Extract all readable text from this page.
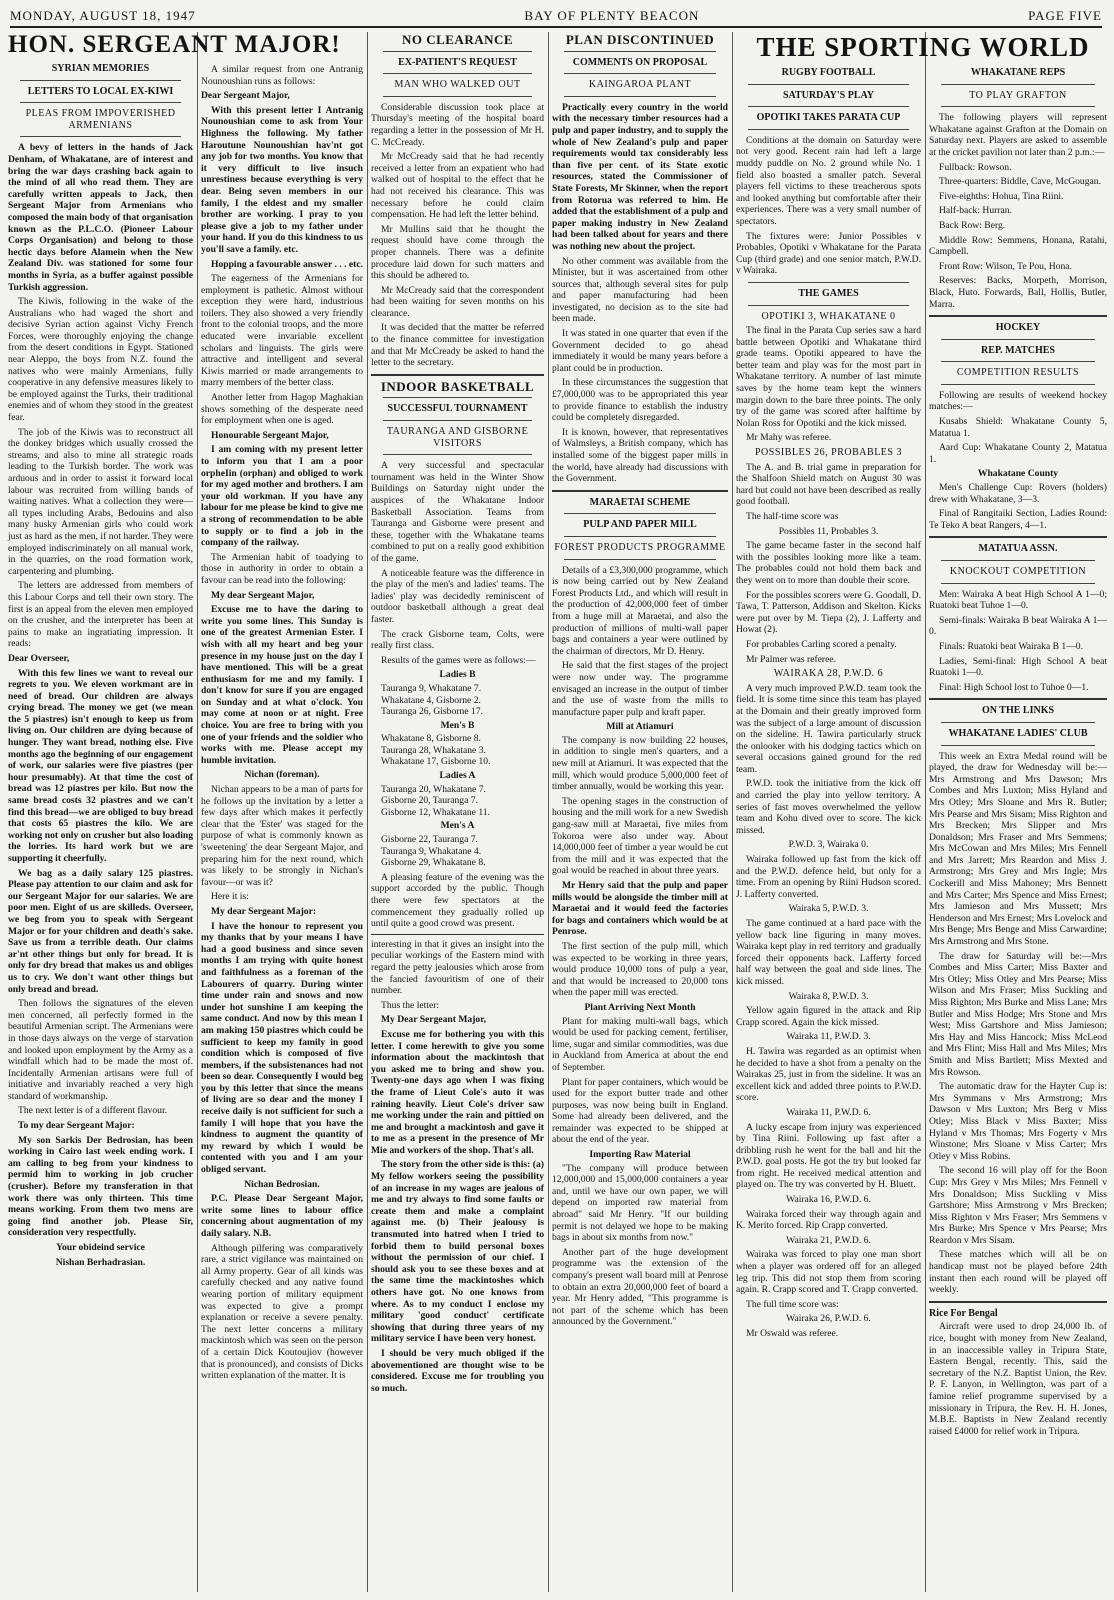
MONDAY, AUGUST 18, 1947	BAY OF PLENTY BEACON	PAGE FIVE
HON. SERGEANT MAJOR!
SYRIAN MEMORIES
LETTERS TO LOCAL EX-KIWI
PLEAS FROM IMPOVERISHED ARMENIANS

A bevy of letters in the hands of Jack Denham, of Whakatane, are of interest and bring the war days crashing back again to the mind of all who read them. They are carefully written appeals to Jack, then Sergeant Major from Armenians who composed the main body of that organisation known as the P.L.C.O. (Pioneer Labour Corps Organisation) and belong to those hectic days before Alamein when the New Zealand Div. was stationed for some four months in Syria, as a buffer against possible Turkish aggression.

The Kiwis, following in the wake of the Australians who had waged the short and decisive Syrian action against Vichy French Forces, were thoroughly enjoying the change from the desert conditions in Egypt. Stationed near Aleppo, the boys from N.Z. found the natives who were mainly Armenians, fully cooperative in any defensive measures likely to be employed against the Turks, their traditional enemies and of whom they stood in the greatest fear.

The job of the Kiwis was to reconstruct all the donkey bridges which usually crossed the streams, and also to mine all strategic roads leading to the Turkish border. The work was arduous and in order to assist it forward local labour was recruited from willing bands of waiting natives. What a collection they were—all types including Arabs, Bedouins and also many husky Armenian girls who could work just as hard as the men, if not harder. They were employed indiscriminately on all manual work, in the quarries, on the road formation work, carpentering and plumbing.

The letters are addressed from members of this Labour Corps and tell their own story. The first is an appeal from the eleven men employed on the crusher, and the interpreter has been at pains to make an ingratiating impression. It reads:

Dear Overseer,

With this few lines we want to reveal our regrets to you. We eleven workmant are in need of bread. Our children are always crying bread. The money we get (we mean the 5 piastres) isn't enough to keep us from living on. Our children are dying because of hunger. They want bread, nothing else. Five months ago the beginning of our engagement of work, our salaries were five piastres (per hour presumably). At that time the cost of bread was 12 piastres per kilo. But now the same bread costs 32 piastres and we can't find this bread—we are obliged to buy bread that costs 65 piastres the kilo. We are working not only on crusher but also loading the lorries. Its hard work but we are supporting it cheerfully.

We bag as a daily salary 125 piastres. Please pay attention to our claim and ask for our Sergeant Major for our salaries. We are poor men. Eight of us are skilleds. Overseer, we beg from you to speak with Sergeant Major or for your children and death's sake. Save us from a terrible death. Our claims ar'nt other things but only for bread. It is only for dry bread that makes us and obliges us to cry. We don't want other things but only bread and bread.

Then follows the signatures of the eleven men concerned, all perfectly formed in the beautiful Armenian script. The Armenians were in those days always on the verge of starvation and looked upon employment by the Army as a windfall which had to be made the most of. Incidentally Armenian artisans were full of initiative and invariably reached a very high standard of workmanship.

The next letter is of a different flavour.

To my dear Sergeant Major:

My son Sarkis Der Bedrosian, has been working in Cairo last week ending work. I am calling to beg from your kindness to permid him to working in job crucher (crusher). Before my transferation in that work there was only thirteen. This time means working. From them two mens are going find another job. Please Sir, consideration very respectfully.

Your obideind service

Nishan Berhadrasian.

A similar request from one Antranig Nounoushian runs as follows:

Dear Sergeant Major,

With this present letter I Antranig Nounoushian come to ask from Your Highness the following. My father Haroutune Nounoushian hav'nt got any job for two months. You know that it very difficult to live insuch unrestiness because everything is very dear. Being seven members in our family, I the eldest and my smaller brother are working. I pray to you please give a job to my father under your hand. If you do this kindness to us you'll save a family. etc.

Hopping a favourable answer . . . etc.

The eagerness of the Armenians for employment is pathetic. Almost without exception they were hard, industrious toilers. They also showed a very friendly front to the colonial troops, and the more educated were invariable excellent scholars and linguists. The girls were attractive and intelligent and several Kiwis married or made arrangements to marry members of the better class.

Another letter from Hagop Maghakian shows something of the desperate need for employment when one is aged.

Honourable Sergeant Major,

I am coming with my present letter to inform you that I am a poor orpheIin (orphan) and obliged to work for my aged mother and brothers. I am your old workman. If you have any labour for me please be kind to give me a strong of recommendation to be able to supply or to find a job in the company of the railway.

The Armenian habit of toadying to those in authority in order to obtain a favour can be read into the following:

My dear Sergeant Major,

Excuse me to have the daring to write you some lines. This Sunday is one of the greatest Armenian Ester. I wish with all my heart and beg your presence in my house just on the day I have mentioned. This will be a great enthusiasm for me and my family. I don't know for sure if you are engaged on Sunday and at what o'clock. You may come at noon or at night. Free choice. You are free to bring with you one of your friends and the soldier who works with me. Please accept my humble invitation.

Nichan (foreman).

Nichan appears to be a man of parts for he follows up the invitation by a letter a few days after which makes it perfectly clear that the 'Ester' was staged for the purpose of what is commonly known as 'sweetening' the dear Sergeant Major, and preparing him for the next round, which was likely to be strongly in Nichan's favour—or was it?

Here it is:

My dear Sergeant Major:

I have the honour to represent you my thanks that by your means I have had a good business and since seven months I am trying with quite honest and faithfulness as a foreman of the Labourers of quarry. During winter time under rain and snows and now under hot sunshine I am keeping the same conduct. And now by this mean I am making 150 piastres which could be sufficient to keep my family in good condition which is composed of five members, if the subsistenances had not been so dear. Consequently I would beg you by this letter that since the means of living are so dear and the money I receive daily is not sufficient for such a family I will hope that you have the kindness to augment the quantity of my reward by which I would be contented with you and I am your obliged servant.

Nichan Bedrosian.

P.C. Please Dear Sergeant Major, write some lines to labour office concerning about augmentation of my daily salary. N.B.

Although pilfering was comparatively rare, a strict vigilance was maintained on all Army property. Gear of all kinds was carefully checked and any native found wearing portion of military equipment was expected to give a prompt explanation or receive a severe penalty. The next letter concerns a military mackintosh which was seen on the person of a certain Dick Koutoujiov (however that is pronounced), and consists of Dicks written explanation of the matter. It is

NO CLEARANCE
EX-PATIENT'S REQUEST
MAN WHO WALKED OUT

Considerable discussion took place at Thursday's meeting of the hospital board regarding a letter in the possession of Mr H. C. McCready.

Mr McCready said that he had recently received a letter from an expatient who had walked out of hospital to the effect that he had not received his clearance. This was necessary before he could claim compensation. He had left the letter behind.

Mr Mullins said that he thought the request should have come through the proper channels. There was a definite procedure laid down for such matters and this should be adhered to.

Mr McCready said that the correspondent had been waiting for seven months on his clearance.

It was decided that the matter be referred to the finance committee for investigation and that Mr McCready be asked to hand the letter to the secretary.

INDOOR BASKETBALL
SUCCESSFUL TOURNAMENT
TAURANGA AND GISBORNE VISITORS

A very successful and spectacular tournament was held in the Winter Show Buildings on Saturday night under the auspices of the Whakatane Indoor Basketball Association. Teams from Tauranga and Gisborne were present and these, together with the Whakatane teams combined to put on a really good exhibition of the game.

A noticeable feature was the difference in the play of the men's and ladies' teams. The ladies' play was decidedly reminiscent of outdoor basketball although a great deal faster.

The crack Gisborne team, Colts, were really first class.

Results of the games were as follows:—

Ladies B

Tauranga 9, Whakatane 7.

Whakatane 4, Gisborne 2.

Tauranga 26, Gisborne 17.

Men's B

Whakatane 8, Gisborne 8.

Tauranga 28, Whakatane 3.

Whakatane 17, Gisborne 10.

Ladies A

Tauranga 20, Whakatane 7.

Gisborne 20, Tauranga 7.

Gisborne 12, Whakatane 11.

Men's A

Gisborne 22, Tauranga 7.

Tauranga 9, Whakatane 4.

Gisborne 29, Whakatane 8.

A pleasing feature of the evening was the support accorded by the public. Though there were few spectators at the commencement they gradually rolled up until quite a good crowd was present.

interesting in that it gives an insight into the peculiar workings of the Eastern mind with regard the petty jealousies which arose from the fancied favouritism of one of their number.

Thus the letter:

My Dear Sergeant Major,

Excuse me for bothering you with this letter. I come herewith to give you some information about the mackintosh that you asked me to bring and show you. Twenty-one days ago when I was fixing the frame of Lieut Cole's auto it was raining heavily. Lieut Cole's driver saw me working under the rain and pittied on me and brought a mackintosh and gave it to me as a present in the presence of Mr Mie and workers of the shop. That's all.

The story from the other side is this: (a) My fellow workers seeing the possibility of an increase in my wages are jealous of me and try always to find some faults or create them and make a complaint against me. (b) Their jealousy is transmuted into hatred when I tried to forbid them to build personal boxes without the permission of our chief. I should ask you to see these boxes and at the same time the mackintoshes which others have got. No one knows from where. As to my conduct I enclose my military 'good conduct' certificate showing that during three years of my military service I have been very honest.

I should be very much obliged if the abovementioned are thought wise to be considered. Excuse me for troubling you so much.

PLAN DISCONTINUED
COMMENTS ON PROPOSAL
KAINGAROA PLANT

Practically every country in the world with the necessary timber resources had a pulp and paper industry, and to supply the whole of New Zealand's pulp and paper requirements would tax considerably less than five per cent. of its State exotic resources, stated the Commissioner of State Forests, Mr Skinner, when the report from Rotorua was referred to him. He added that the establishment of a pulp and paper making industry in New Zealand had been talked about for years and there was nothing new about the project.

No other comment was available from the Minister, but it was ascertained from other sources that, although several sites for pulp and paper manufacturing had been investigated, no decision as to the site had been made.

It was stated in one quarter that even if the Government decided to go ahead immediately it would be many years before a plant could be in production.

In these circumstances the suggestion that £7,000,000 was to be appropriated this year to provide finance to establish the industry could be completely disregarded.

It is known, however, that representatives of Walmsleys, a British company, which has installed some of the biggest paper mills in the world, have already had discussions with the Government.

MARAETAI SCHEME
PULP AND PAPER MILL
FOREST PRODUCTS PROGRAMME

Details of a £3,300,000 programme, which is now being carried out by New Zealand Forest Products Ltd., and which will result in the production of 42,000,000 feet of timber from a huge mill at Maraetai, and also the production of millions of multi-wall paper bags and containers a year were outlined by the chairman of directors, Mr D. Henry.

He said that the first stages of the project were now under way. The programme envisaged an increase in the output of timber and the use of waste from the mills to manufacture paper pulp and kraft paper.

Mill at Atiamuri

The company is now building 22 houses, in addition to single men's quarters, and a new mill at Atiamuri. It was expected that the mill, which would produce 5,000,000 feet of timber annually, would be working this year.

The opening stages in the construction of housing and the mill work for a new Swedish gang-saw mill at Maraetai, five miles from Tokoroa were also under way. About 14,000,000 feet of timber a year would be cut from the mill and it was expected that the goal would be reached in about three years.

Mr Henry said that the pulp and paper mills would be alongside the timber mill at Maraetai and it would feed the factories for bags and containers which would be at Penrose.

The first section of the pulp mill, which was expected to be working in three years, would produce 10,000 tons of pulp a year, and that would be increased to 20,000 tons when the paper mill was erected.

Plant Arriving Next Month

Plant for making multi-wall bags, which would be used for packing cement, fertiliser, lime, sugar and similar commodities, was due in Auckland from America at about the end of September.

Plant for paper containers, which would be used for the export butter trade and other purposes, was now being built in England. Some had already been delivered, and the remainder was expected to be shipped at about the end of the year.

Importing Raw Material

"The company will produce between 12,000,000 and 15,000,000 containers a year and, until we have our own paper, we will depend on imported raw material from abroad" said Mr Henry. "If our building permit is not delayed we hope to be making bags in about six months from now."

Another part of the huge development programme was the extension of the company's present wall board mill at Penrose to obtain an extra 20,000,000 feet of board a year. Mr Henry added, "This programme is not part of the scheme which has been announced by the Government."

THE SPORTING WORLD
RUGBY FOOTBALL
SATURDAY'S PLAY
OPOTIKI TAKES PARATA CUP

Conditions at the domain on Saturday were not very good. Recent rain had left a large muddy puddle on No. 2 ground while No. 1 field also boasted a smaller patch. Several players fell victims to these treacherous spots and looked anything but comfortable after their experiences. There was a very small number of spectators.

The fixtures were: Junior Possibles v Probables, Opotiki v Whakatane for the Parata Cup (third grade) and one senior match, P.W.D. v Wairaka.

THE GAMES
OPOTIKI 3, WHAKATANE 0

The final in the Parata Cup series saw a hard battle between Opotiki and Whakatane third grade teams. Opotiki appeared to have the better team and play was for the most part in Whakatane territory. A number of last minute saves by the home team kept the winners margin down to the bare three points. The only try of the game was scored after halftime by Nolan Ross for Opotiki and the kick missed.

Mr Mahy was referee.

POSSIBLES 26, PROBABLES 3

The A. and B. trial game in preparation for the Shalfoon Shield match on August 30 was hard but could not have been described as really good football.

The half-time score was

Possibles 11, Probables 3.

The game became faster in the second half with the possibles looking more like a team. The probables could not hold them back and they went on to more than double their score.

For the possibles scorers were G. Goodall, D. Tawa, T. Patterson, Addison and Skelton. Kicks were put over by M. Tiepa (2), J. Lafferty and Howat (2).

For probables Carling scored a penalty.

Mr Palmer was referee.

WAIRAKA 28, P.W.D. 6

A very much improved P.W.D. team took the field. It is some time since this team has played at the Domain and their greatly improved form was the subject of a large amount of discussion on the sideline. H. Tawira particularly struck the onlooker with his dodging tactics which on several occasions gained ground for the red team.

P.W.D. took the initiative from the kick off and carried the play into yellow territory. A series of fast moves overwhelmed the yellow team and Kohu dived over to score. The kick missed.

P.W.D. 3, Wairaka 0.

Wairaka followed up fast from the kick off and the P.W.D. defence held, but only for a time. From an opening by Riini Hudson scored. J. Lafferty converted.

Wairaka 5, P.W.D. 3.

The game continued at a hard pace with the yellow back line figuring in many moves. Wairaka kept play in red territory and gradually forced their opponents back. Lafferty forced half way between the goal and side lines. The kick missed.

Wairaka 8, P.W.D. 3.

Yellow again figured in the attack and Rip Crapp scored. Again the kick missed.

Wairaka 11, P.W.D. 3.

H. Tawira was regarded as an optimist when he decided to have a shot from a penalty on the Wairakas 25, just in from the sideline. It was an excellent kick and added three points to P.W.D. score.

Wairaka 11, P.W.D. 6.

A lucky escape from injury was experienced by Tina Riini. Following up fast after a dribbling rush he went for the ball and hit the P.W.D. goal posts. He got the try but looked far from right. He received medical attention and played on. The try was converted by H. Bluett.

Wairaka 16, P.W.D. 6.

Wairaka forced their way through again and K. Merito forced. Rip Crapp converted.

Wairaka 21, P.W.D. 6.

Wairaka was forced to play one man short when a player was ordered off for an alleged leg trip. This did not stop them from scoring again. R. Crapp scored and T. Crapp converted.

The full time score was:

Wairaka 26, P.W.D. 6.

Mr Oswald was referee.

WHAKATANE REPS
TO PLAY GRAFTON

The following players will represent Whakatane against Grafton at the Domain on Saturday next. Players are asked to assemble at the cricket pavilion not later than 2 p.m.:—

Fullback: Rowson.

Three-quarters: Biddle, Cave, McGougan.

Five-eighths: Hohua, Tina Riini.

Half-back: Hurran.

Back Row: Berg.

Middle Row: Semmens, Honana, Ratahi, Campbell.

Front Row: Wilson, Te Pou, Hona.

Reserves: Backs, Morpeth, Morrison, Black, Huto. Forwards, Ball, Hollis, Butler, Marra.

HOCKEY
REP. MATCHES
COMPETITION RESULTS

Following are results of weekend hockey matches:—

Kusabs Shield: Whakatane County 5, Matatua 1.

Aard Cup: Whakatane County 2, Matatua 1.

Whakatane County

Men's Challenge Cup: Rovers (holders) drew with Whakatane, 3—3.

Final of Rangitaiki Section, Ladies Round: Te Teko A beat Rangers, 4—1.

MATATUA ASSN.
KNOCKOUT COMPETITION

Men: Wairaka A beat High School A 1—0; Ruatoki beat Tuhoe 1—0.

Semi-finals: Wairaka B beat Wairaka A 1—0.

Finals: Ruatoki beat Wairaka B 1—0.

Ladies, Semi-final: High School A beat Ruatoki 1—0.

Final: High School lost to Tuhoe 0—1.

ON THE LINKS
WHAKATANE LADIES' CLUB

This week an Extra Medal round will be played, the draw for Wednesday will be:—Mrs Armstrong and Mrs Dawson; Mrs Combes and Mrs Luxton; Miss Hyland and Mrs Otley; Mrs Sloane and Mrs R. Butler; Mrs Pearse and Mrs Sisam; Miss Righton and Mrs Brecken; Mrs Slipper and Mrs Donaldson; Mrs Fraser and Mrs Semmens; Mrs McCowan and Mrs Miles; Mrs Fennell and Mrs Jarrett; Mrs Reardon and Miss J. Armstrong; Mrs Grey and Mrs Ingle; Mrs Cockerill and Miss Mahoney; Mrs Bennett and Mrs Carter; Mrs Spence and Miss Ernest; Mrs Jamieson and Mrs Mussett; Mrs Henderson and Mrs Ernest; Mrs Lovelock and Mrs Benge; Mrs Benge and Miss Carwardine; Mrs Armstrong and Mrs Stone.

The draw for Saturday will be:—Mrs Combes and Miss Carter; Miss Baxter and Mrs Otley; Miss Otley and Mrs Pearse; Miss Wilson and Mrs Fraser; Miss Suckling and Miss Righton; Mrs Burke and Miss Lane; Mrs Butler and Miss Hodge; Mrs Stone and Mrs West; Miss Gartshore and Miss Jamieson; Mrs Hay and Miss Hancock; Miss McLeod and Mrs Flint; Miss Hall and Mrs Miles; Mrs Smith and Miss Bartlett; Miss Mexted and Mrs Rowson.

The automatic draw for the Hayter Cup is: Mrs Symmans v Mrs Armstrong; Mrs Dawson v Mrs Luxton; Mrs Berg v Miss Otley; Miss Black v Miss Baxter; Miss Hyland v Mrs Thomas; Mrs Fogerty v Mrs Winstone; Mrs Sloane v Miss Carter; Mrs Otley v Miss Robins.

The second 16 will play off for the Boon Cup: Mrs Grey v Mrs Miles; Mrs Fennell v Mrs Donaldson; Miss Suckling v Miss Gartshore; Miss Armstrong v Mrs Brecken; Miss Righton v Mrs Fraser; Mrs Semmens v Mrs Burke; Mrs Spence v Mrs Pearse; Mrs Reardon v Mrs Sisam.

These matches which will all be on handicap must not be played before 24th instant then each round will be played off weekly.

Rice For Bengal

Aircraft were used to drop 24,000 lb. of rice, bought with money from New Zealand, in an inaccessible valley in Tripura State, Eastern Bengal, recently. This, said the secretary of the N.Z. Baptist Union, the Rev. P. F. Lanyon, in Wellington, was part of a famine relief programme supervised by a missionary in Tripura, the Rev. H. H. Jones, M.B.E. Baptists in New Zealand recently raised £4000 for relief work in Tripura.
